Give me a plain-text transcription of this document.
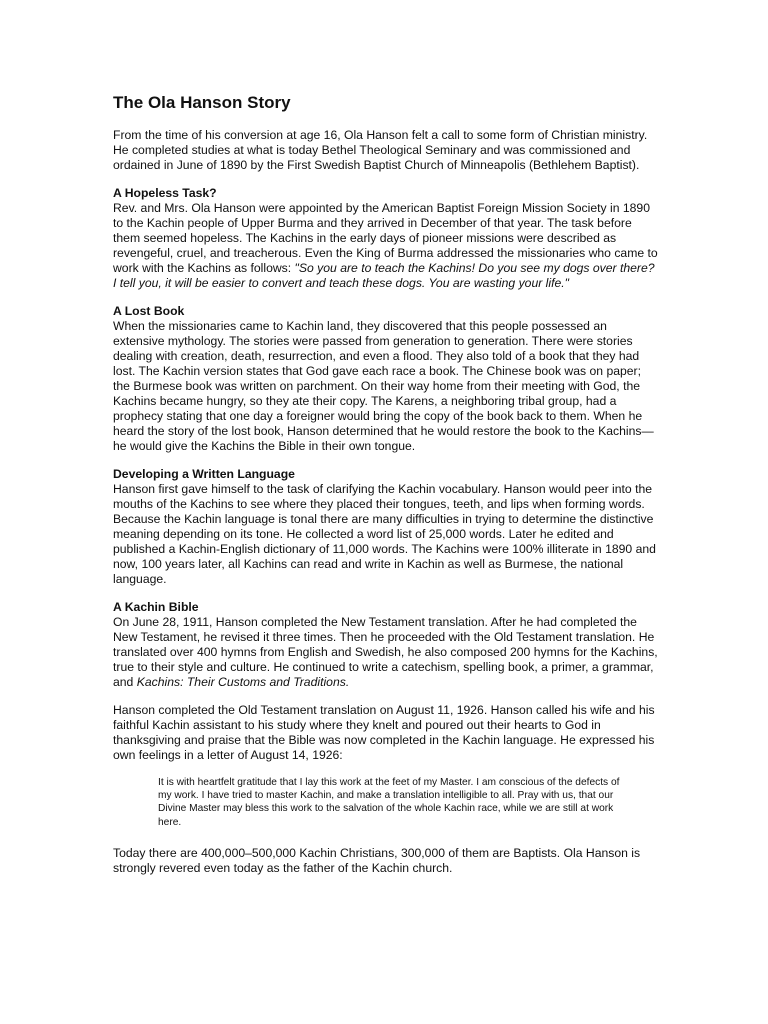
The Ola Hanson Story

From the time of his conversion at age 16, Ola Hanson felt a call to some form of Christian ministry. He completed studies at what is today Bethel Theological Seminary and was commissioned and ordained in June of 1890 by the First Swedish Baptist Church of Minneapolis (Bethlehem Baptist).

A Hopeless Task?

Rev. and Mrs. Ola Hanson were appointed by the American Baptist Foreign Mission Society in 1890 to the Kachin people of Upper Burma and they arrived in December of that year. The task before them seemed hopeless. The Kachins in the early days of pioneer missions were described as revengeful, cruel, and treacherous. Even the King of Burma addressed the missionaries who came to work with the Kachins as follows: "So you are to teach the Kachins! Do you see my dogs over there? I tell you, it will be easier to convert and teach these dogs. You are wasting your life."

A Lost Book

When the missionaries came to Kachin land, they discovered that this people possessed an extensive mythology. The stories were passed from generation to generation. There were stories dealing with creation, death, resurrection, and even a flood. They also told of a book that they had lost. The Kachin version states that God gave each race a book. The Chinese book was on paper; the Burmese book was written on parchment. On their way home from their meeting with God, the Kachins became hungry, so they ate their copy. The Karens, a neighboring tribal group, had a prophecy stating that one day a foreigner would bring the copy of the book back to them. When he heard the story of the lost book, Hanson determined that he would restore the book to the Kachins—he would give the Kachins the Bible in their own tongue.

Developing a Written Language

Hanson first gave himself to the task of clarifying the Kachin vocabulary. Hanson would peer into the mouths of the Kachins to see where they placed their tongues, teeth, and lips when forming words. Because the Kachin language is tonal there are many difficulties in trying to determine the distinctive meaning depending on its tone. He collected a word list of 25,000 words. Later he edited and published a Kachin-English dictionary of 11,000 words. The Kachins were 100% illiterate in 1890 and now, 100 years later, all Kachins can read and write in Kachin as well as Burmese, the national language.

A Kachin Bible

On June 28, 1911, Hanson completed the New Testament translation. After he had completed the New Testament, he revised it three times. Then he proceeded with the Old Testament translation. He translated over 400 hymns from English and Swedish, he also composed 200 hymns for the Kachins, true to their style and culture. He continued to write a catechism, spelling book, a primer, a grammar, and Kachins: Their Customs and Traditions.

Hanson completed the Old Testament translation on August 11, 1926. Hanson called his wife and his faithful Kachin assistant to his study where they knelt and poured out their hearts to God in thanksgiving and praise that the Bible was now completed in the Kachin language. He expressed his own feelings in a letter of August 14, 1926:

It is with heartfelt gratitude that I lay this work at the feet of my Master. I am conscious of the defects of my work. I have tried to master Kachin, and make a translation intelligible to all. Pray with us, that our Divine Master may bless this work to the salvation of the whole Kachin race, while we are still at work here.

Today there are 400,000–500,000 Kachin Christians, 300,000 of them are Baptists. Ola Hanson is strongly revered even today as the father of the Kachin church.
